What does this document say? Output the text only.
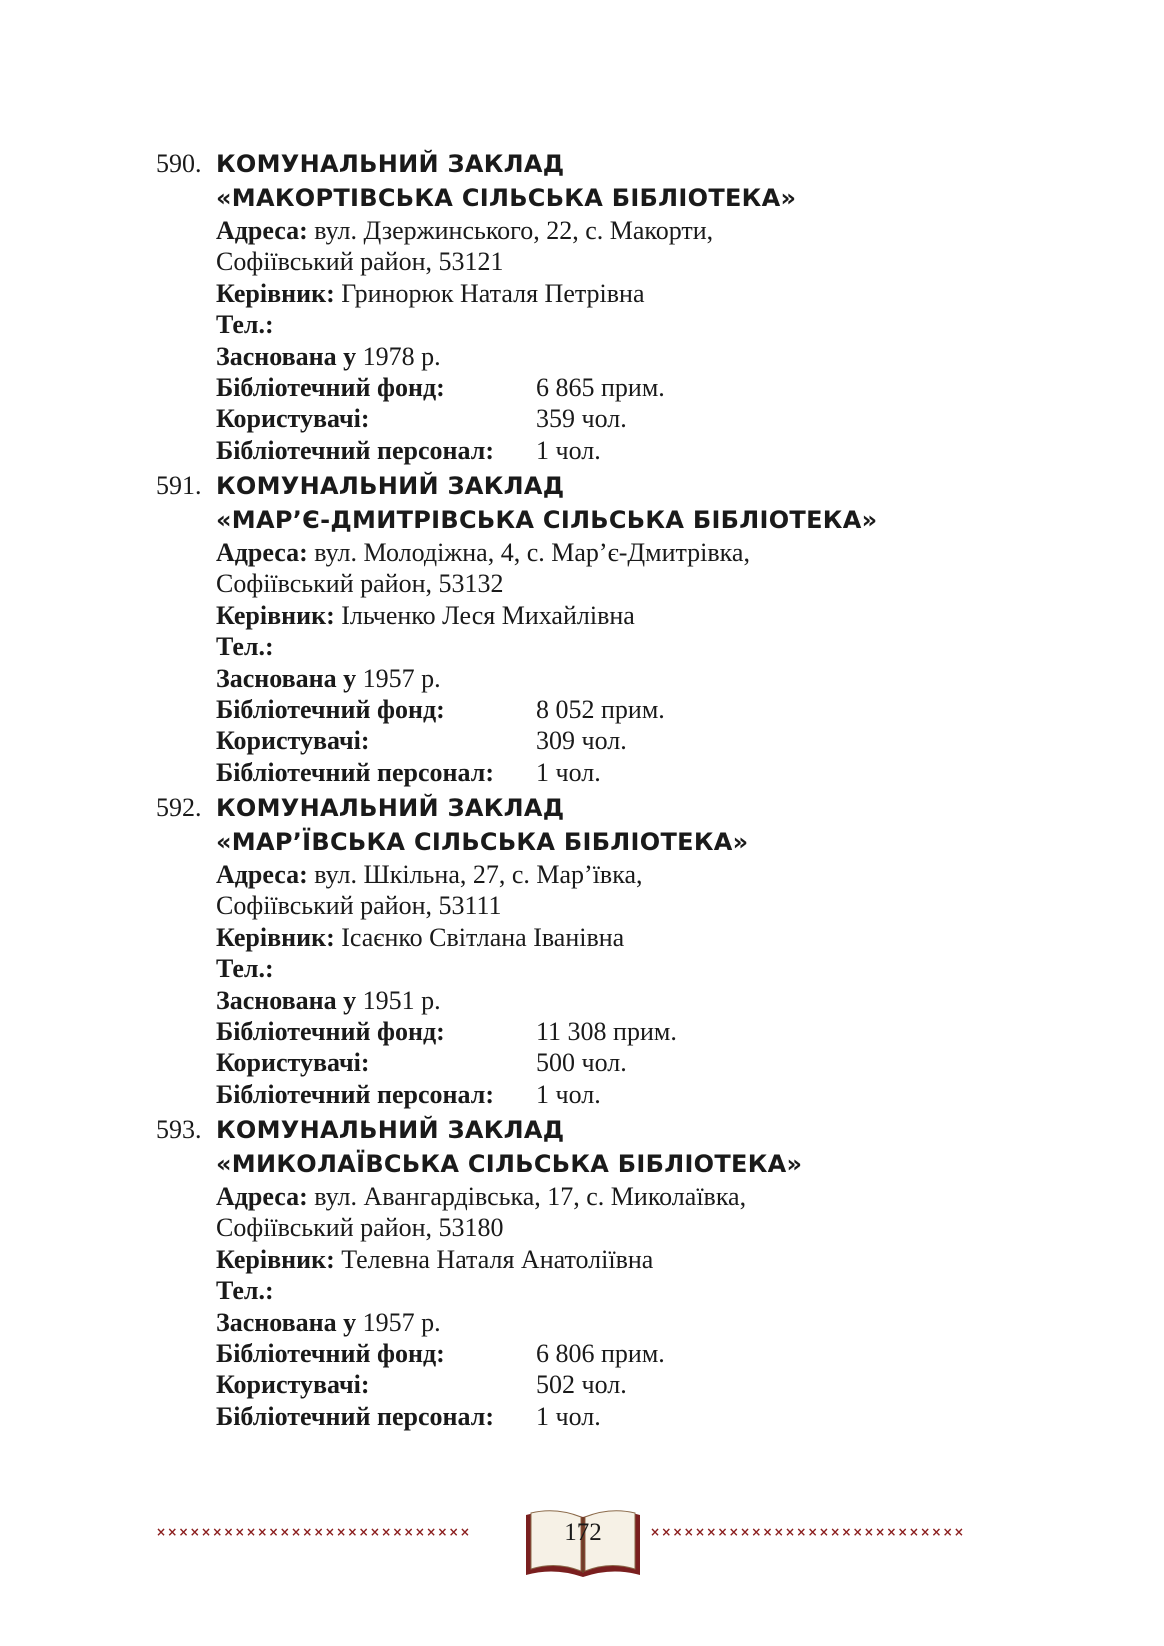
590. КОМУНАЛЬНИЙ ЗАКЛАД
«МАКОРТІВСЬКА СІЛЬСЬКА БІБЛІОТЕКА»
Адреса: вул. Дзержинського, 22, с. Макорти,
Софіївський район, 53121
Керівник: Гринорюк Наталя Петрівна
Тел.:
Заснована у 1978 р.
Бібліотечний фонд:	6 865 прим.
Користувачі:	359 чол.
Бібліотечний персонал: 1 чол.
591. КОМУНАЛЬНИЙ ЗАКЛАД
«МАР’Є-ДМИТРІВСЬКА СІЛЬСЬКА БІБЛІОТЕКА»
Адреса: вул. Молодіжна, 4, с. Мар’є-Дмитрівка,
Софіївський район, 53132
Керівник: Ільченко Леся Михайлівна
Тел.:
Заснована у 1957 р.
Бібліотечний фонд:	8 052 прим.
Користувачі:	309 чол.
Бібліотечний персонал: 1 чол.
592. КОМУНАЛЬНИЙ ЗАКЛАД
«МАР’ЇВСЬКА СІЛЬСЬКА БІБЛІОТЕКА»
Адреса: вул. Шкільна, 27, с. Мар’ївка,
Софіївський район, 53111
Керівник: Ісаєнко Світлана Іванівна
Тел.:
Заснована у 1951 р.
Бібліотечний фонд:	11 308 прим.
Користувачі:	500 чол.
Бібліотечний персонал: 1 чол.
593. КОМУНАЛЬНИЙ ЗАКЛАД
«МИКОЛАЇВСЬКА СІЛЬСЬКА БІБЛІОТЕКА»
Адреса: вул. Авангардівська, 17, с. Миколаївка,
Софіївський район, 53180
Керівник: Телевна Наталя Анатоліївна
Тел.:
Заснована у 1957 р.
Бібліотечний фонд:	6 806 прим.
Користувачі:	502 чол.
Бібліотечний персонал: 1 чол.
××××××××××××××××××××××××××××	172	××××××××××××××××××××××××××××
